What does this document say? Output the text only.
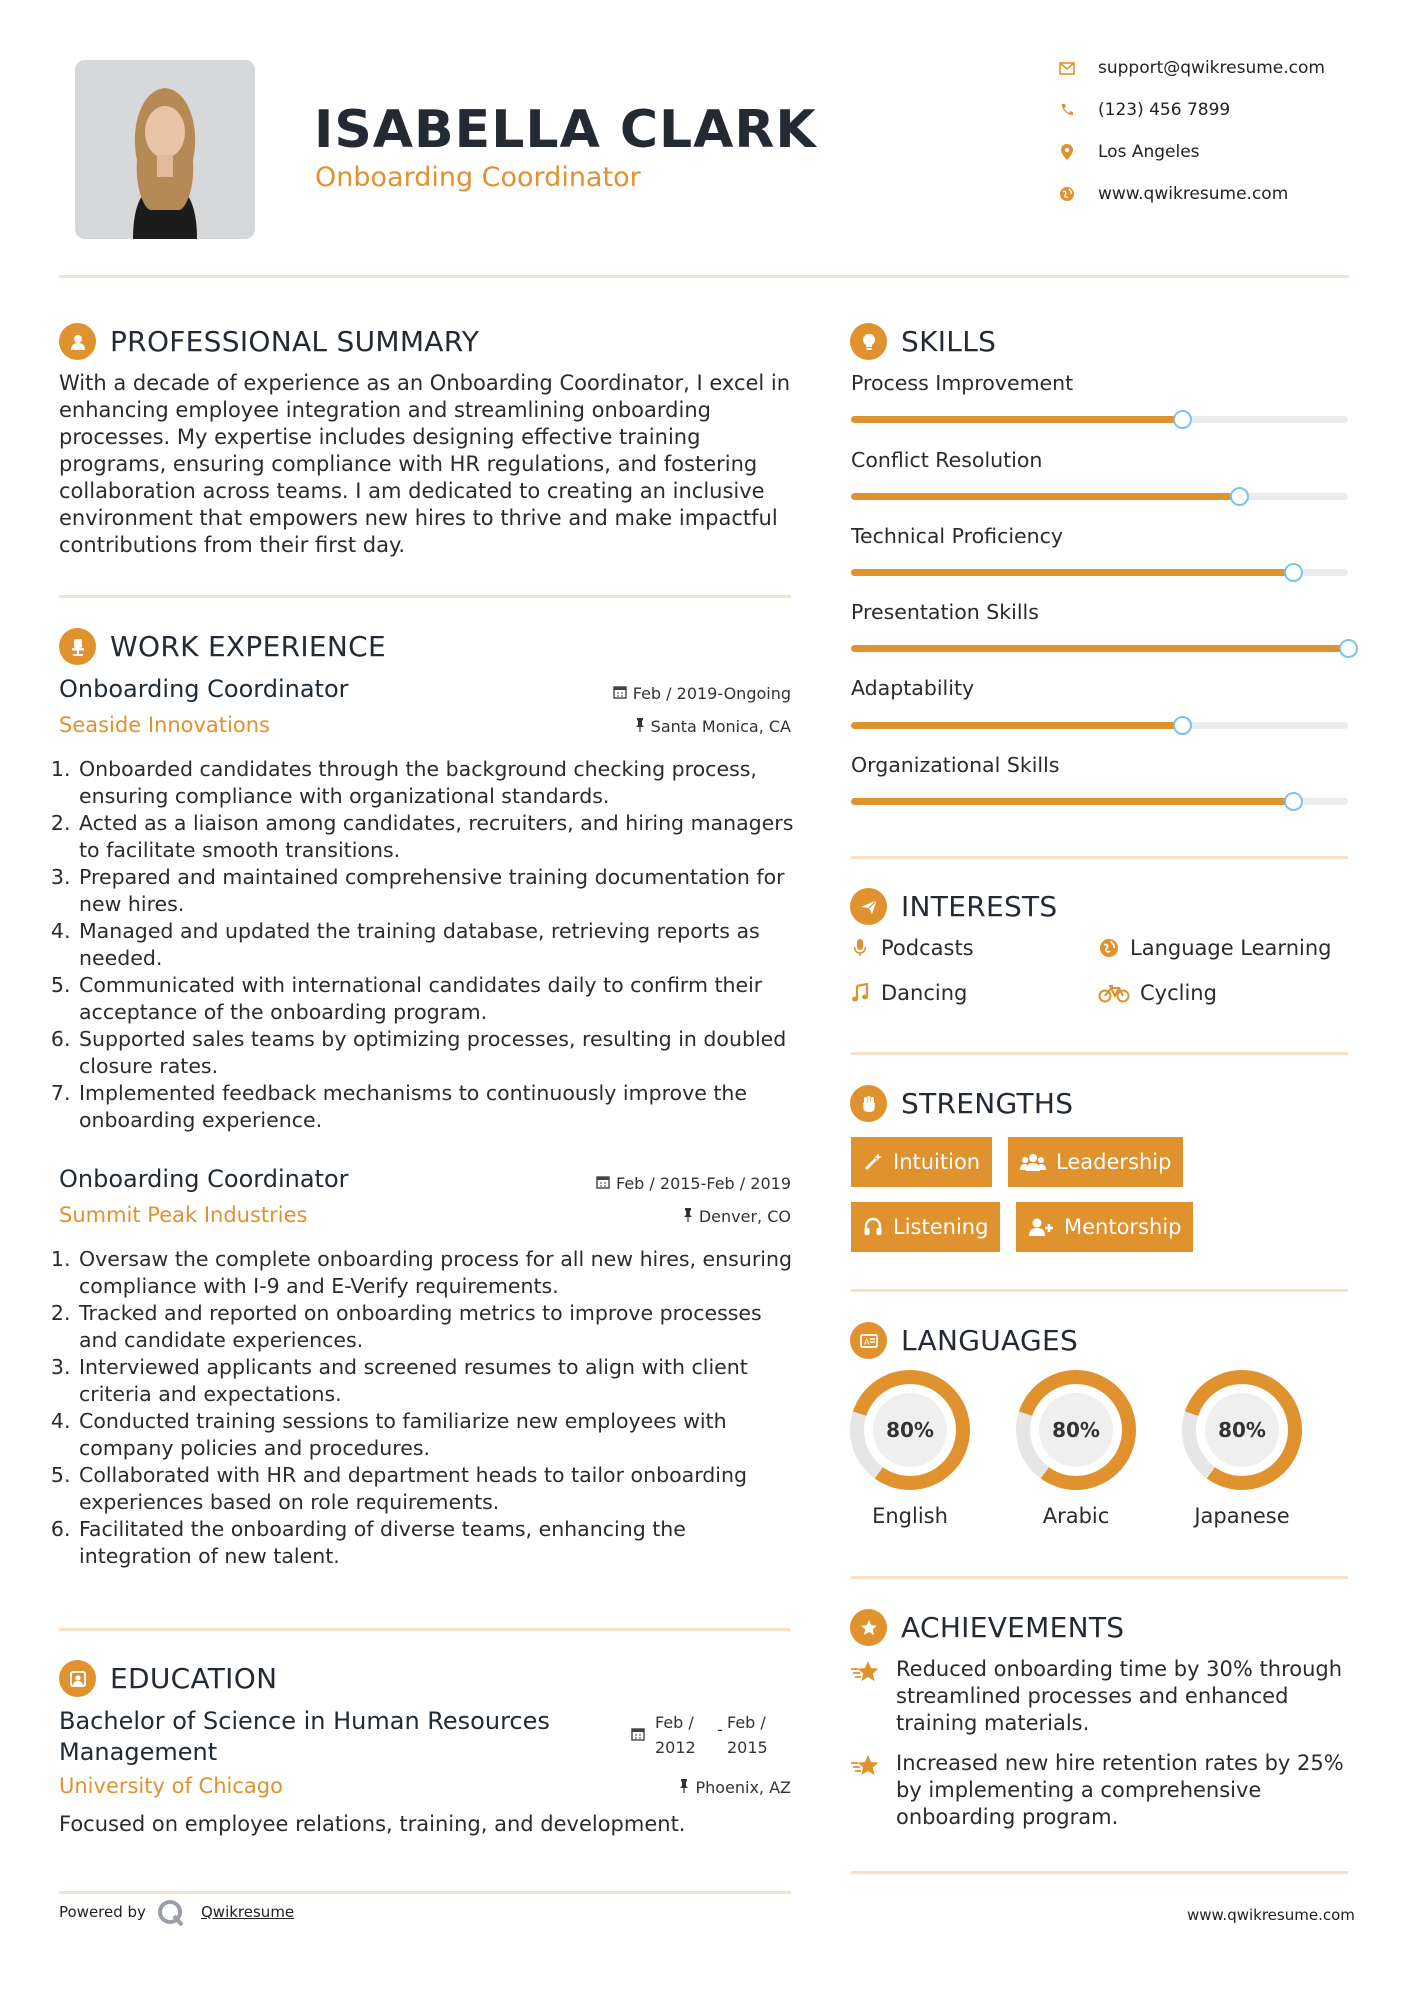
ISABELLA CLARK
Onboarding Coordinator
support@qwikresume.com
(123) 456 7899
Los Angeles
www.qwikresume.com
PROFESSIONAL SUMMARY
With a decade of experience as an Onboarding Coordinator, I excel in
enhancing employee integration and streamlining onboarding
processes. My expertise includes designing effective training
programs, ensuring compliance with HR regulations, and fostering
collaboration across teams. I am dedicated to creating an inclusive
environment that empowers new hires to thrive and make impactful
contributions from their first day.
WORK EXPERIENCE
Onboarding Coordinator	Feb / 2019-Ongoing
Seaside Innovations	Santa Monica, CA
1. Onboarded candidates through the background checking process, ensuring compliance with organizational standards.
2. Acted as a liaison among candidates, recruiters, and hiring managers to facilitate smooth transitions.
3. Prepared and maintained comprehensive training documentation for new hires.
4. Managed and updated the training database, retrieving reports as needed.
5. Communicated with international candidates daily to confirm their acceptance of the onboarding program.
6. Supported sales teams by optimizing processes, resulting in doubled closure rates.
7. Implemented feedback mechanisms to continuously improve the onboarding experience.
Onboarding Coordinator	Feb / 2015-Feb / 2019
Summit Peak Industries	Denver, CO
1. Oversaw the complete onboarding process for all new hires, ensuring compliance with I-9 and E-Verify requirements.
2. Tracked and reported on onboarding metrics to improve processes and candidate experiences.
3. Interviewed applicants and screened resumes to align with client criteria and expectations.
4. Conducted training sessions to familiarize new employees with company policies and procedures.
5. Collaborated with HR and department heads to tailor onboarding experiences based on role requirements.
6. Facilitated the onboarding of diverse teams, enhancing the integration of new talent.
EDUCATION
Bachelor of Science in Human Resources
Management
Feb /
2012
- Feb /
2015
University of Chicago	Phoenix, AZ
Focused on employee relations, training, and development.
SKILLS
Process Improvement
Conflict Resolution
Technical Proficiency
Presentation Skills
Adaptability
Organizational Skills
INTERESTS
Podcasts	Language Learning
Dancing	Cycling
STRENGTHS
Intuition	Leadership
Listening	Mentorship
A LANGUAGES
80%
English
80%
Arabic
80%
Japanese
ACHIEVEMENTS
Reduced onboarding time by 30% through
streamlined processes and enhanced
training materials.
Increased new hire retention rates by 25%
by implementing a comprehensive
onboarding program.
Powered by	Qwikresume	www.qwikresume.com
